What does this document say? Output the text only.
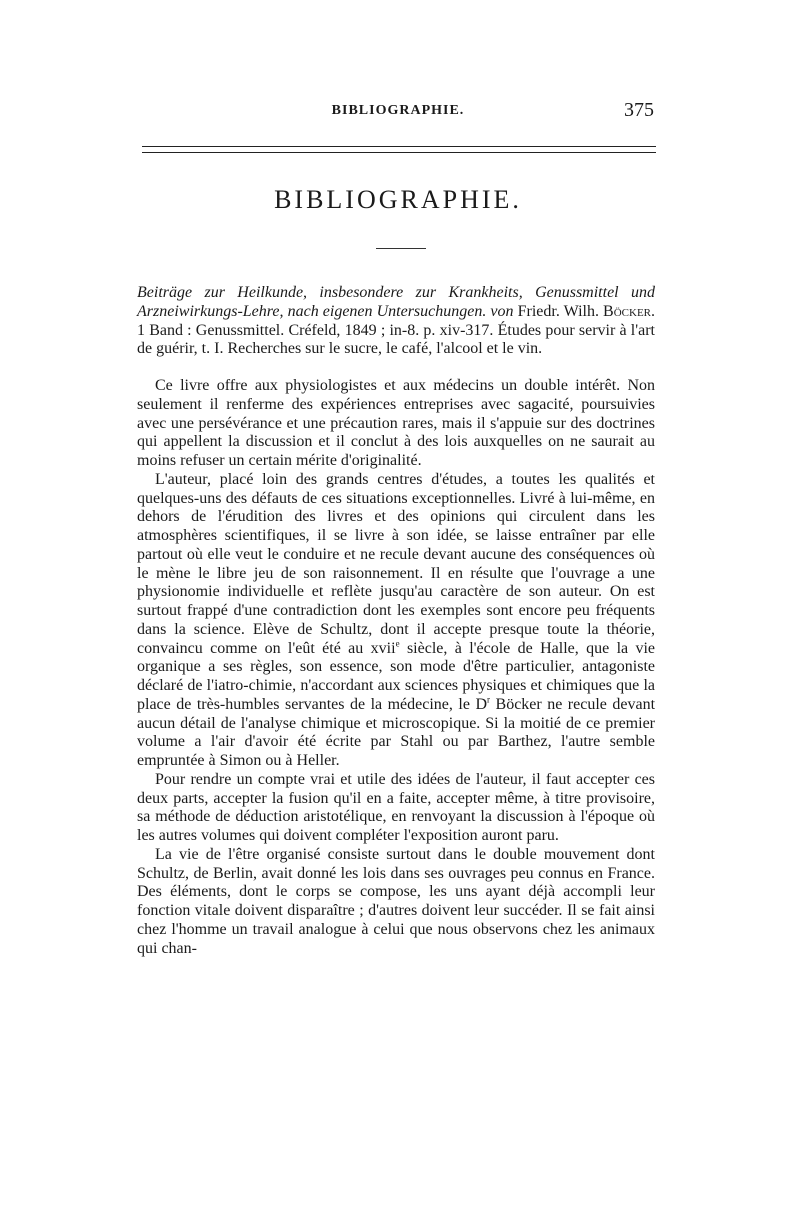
BIBLIOGRAPHIE.	375
BIBLIOGRAPHIE.

Beiträge zur Heilkunde, insbesondere zur Krankheits, Genussmittel und Arzneiwirkungs-Lehre, nach eigenen Untersuchungen. von Friedr. Wilh. Böcker. 1 Band : Genussmittel. Créfeld, 1849 ; in-8. p. xiv-317. Études pour servir à l'art de guérir, t. I. Recherches sur le sucre, le café, l'alcool et le vin.

Ce livre offre aux physiologistes et aux médecins un double intérêt. Non seulement il renferme des expériences entreprises avec sagacité, poursuivies avec une persévérance et une précaution rares, mais il s'appuie sur des doctrines qui appellent la discussion et il conclut à des lois auxquelles on ne saurait au moins refuser un certain mérite d'originalité.

L'auteur, placé loin des grands centres d'études, a toutes les qualités et quelques-uns des défauts de ces situations exceptionnelles. Livré à lui-même, en dehors de l'érudition des livres et des opinions qui circulent dans les atmosphères scientifiques, il se livre à son idée, se laisse entraîner par elle partout où elle veut le conduire et ne recule devant aucune des conséquences où le mène le libre jeu de son raisonnement. Il en résulte que l'ouvrage a une physionomie individuelle et reflète jusqu'au caractère de son auteur. On est surtout frappé d'une contradiction dont les exemples sont encore peu fréquents dans la science. Elève de Schultz, dont il accepte presque toute la théorie, convaincu comme on l'eût été au xvii$^e$ siècle, à l'école de Halle, que la vie organique a ses règles, son essence, son mode d'être particulier, antagoniste déclaré de l'iatro-chimie, n'accordant aux sciences physiques et chimiques que la place de très-humbles servantes de la médecine, le $D^r$ Böcker ne recule devant aucun détail de l'analyse chimique et microscopique. Si la moitié de ce premier volume a l'air d'avoir été écrite par Stahl ou par Barthez, l'autre semble empruntée à Simon ou à Heller.

Pour rendre un compte vrai et utile des idées de l'auteur, il faut accepter ces deux parts, accepter la fusion qu'il en a faite, accepter même, à titre provisoire, sa méthode de déduction aristotélique, en renvoyant la discussion à l'époque où les autres volumes qui doivent compléter l'exposition auront paru.

La vie de l'être organisé consiste surtout dans le double mouvement dont Schultz, de Berlin, avait donné les lois dans ses ouvrages peu connus en France. Des éléments, dont le corps se compose, les uns ayant déjà accompli leur fonction vitale doivent disparaître ; d'autres doivent leur succéder. Il se fait ainsi chez l'homme un travail analogue à celui que nous observons chez les animaux qui chan-
